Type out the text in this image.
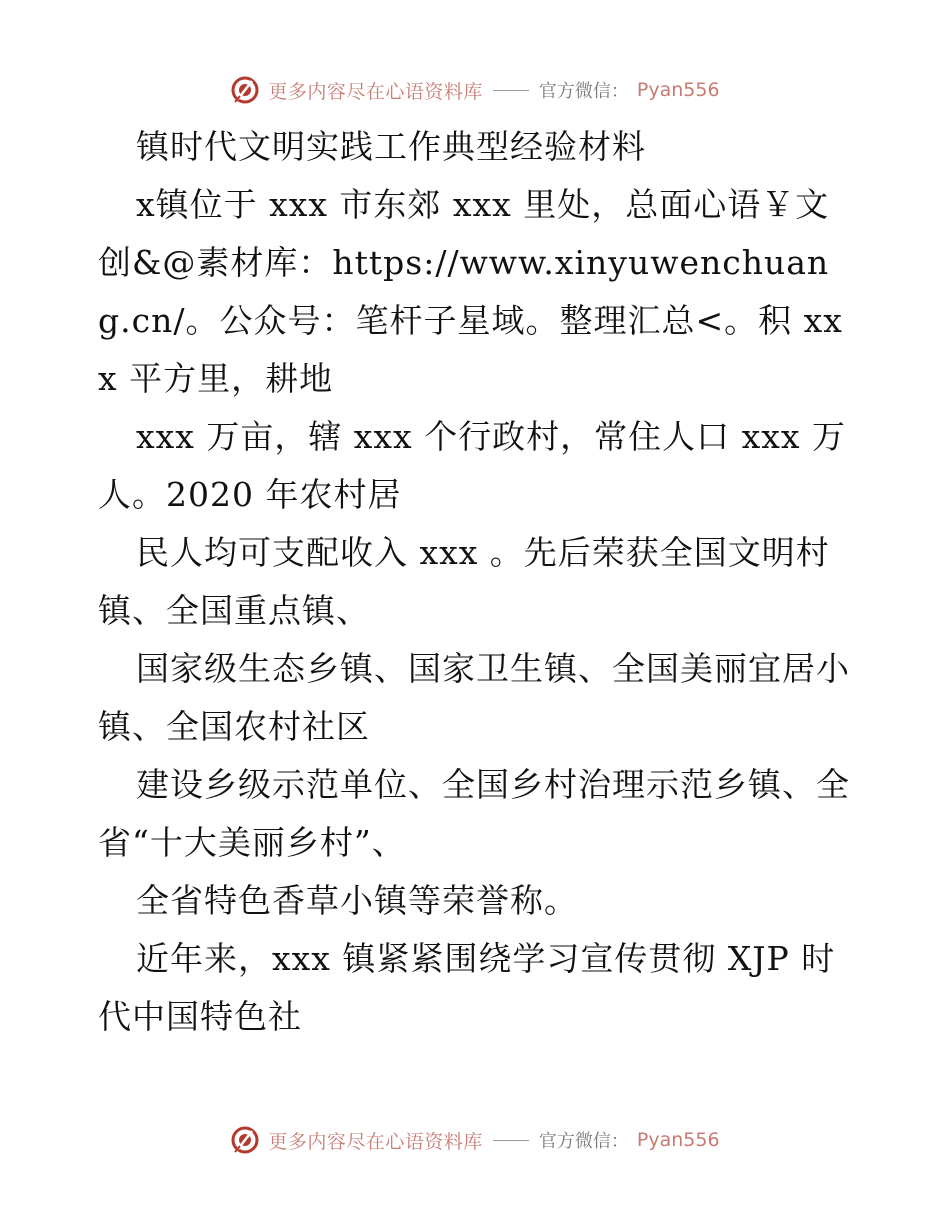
更多内容尽在心语资料库	官方微信： Pyan556

镇时代文明实践工作典型经验材料

x镇位于 xxx 市东郊 xxx 里处，总面心语￥文创&@素材库：https://www.xinyuwenchuang.cn/。公众号：笔杆子星域。整理汇总<。积 xxx 平方里，耕地

xxx 万亩，辖 xxx 个行政村，常住人口 xxx 万人。2020 年农村居

民人均可支配收入 xxx 。先后荣获全国文明村镇、全国重点镇、

国家级生态乡镇、国家卫生镇、全国美丽宜居小镇、全国农村社区

建设乡级示范单位、全国乡村治理示范乡镇、全省“十大美丽乡村”、

全省特色香草小镇等荣誉称。

近年来，xxx 镇紧紧围绕学习宣传贯彻 XJP 时代中国特色社

更多内容尽在心语资料库	官方微信： Pyan556
